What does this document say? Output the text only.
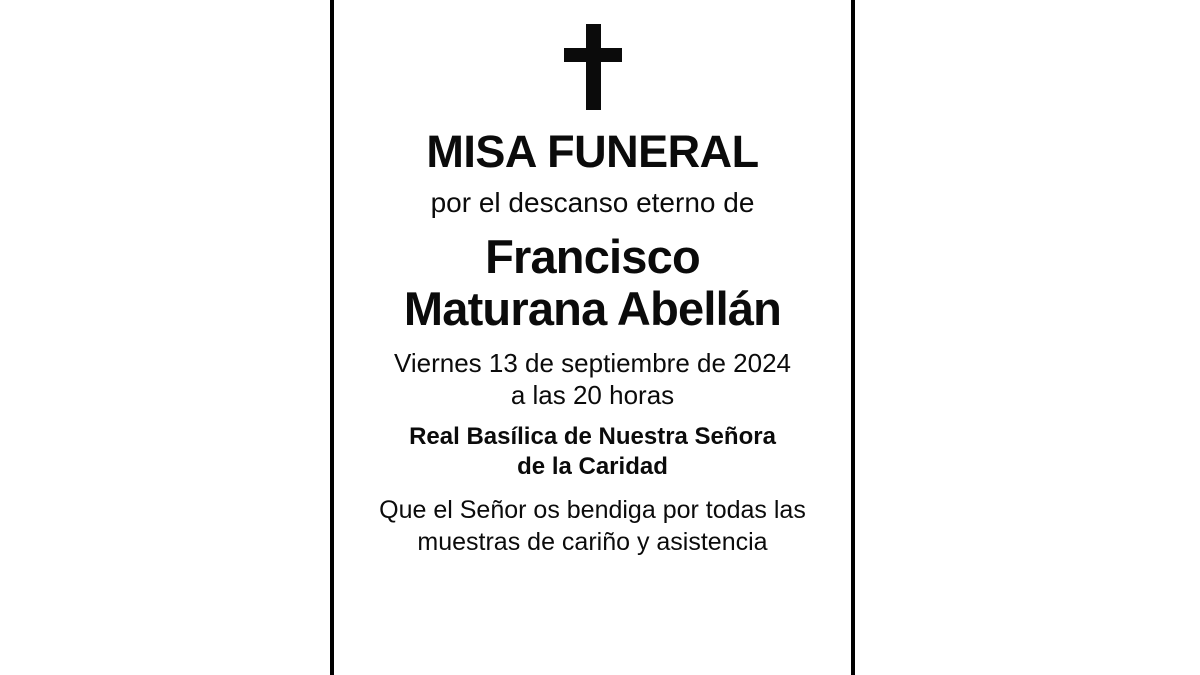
MISA FUNERAL
por el descanso eterno de
Francisco
Maturana Abellán
Viernes 13 de septiembre de 2024
a las 20 horas
Real Basílica de Nuestra Señora
de la Caridad
Que el Señor os bendiga por todas las
muestras de cariño y asistencia
